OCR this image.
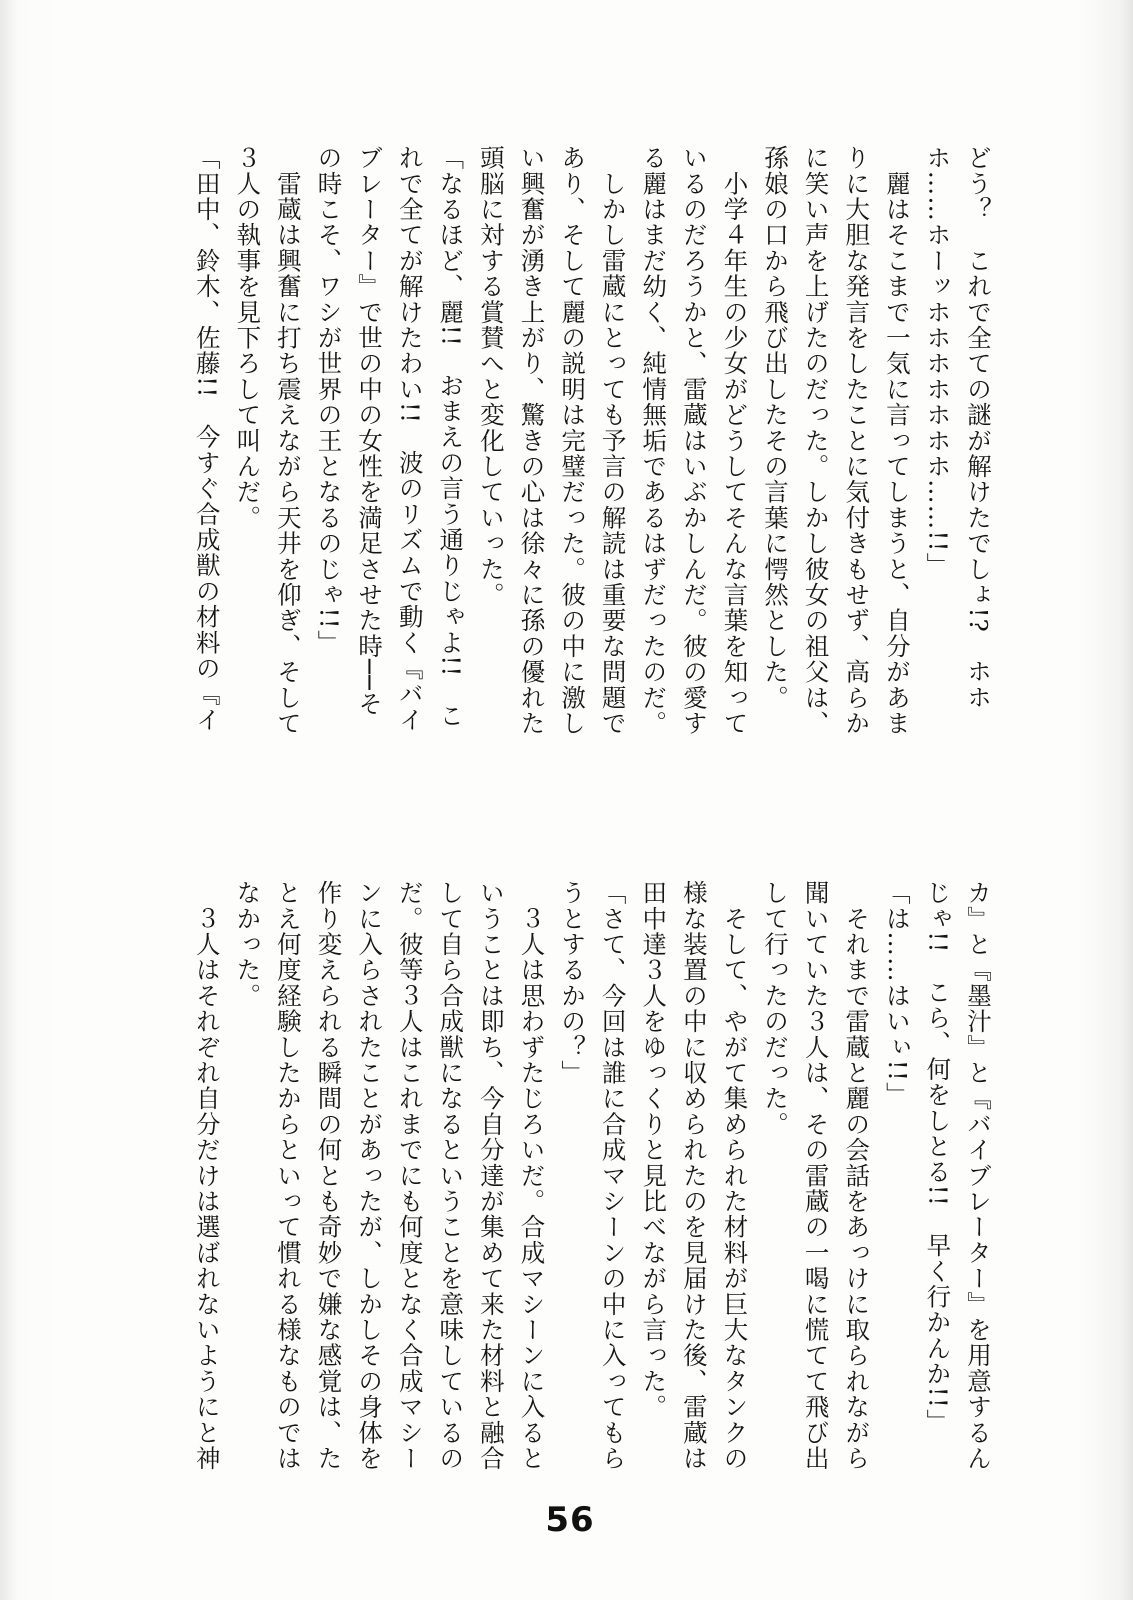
どう？　これで全ての謎が解けたでしょ!?　ホホ
ホ……ホーッホホホホホホホ……!!」
　麗はそこまで一気に言ってしまうと、自分があま
りに大胆な発言をしたことに気付きもせず、高らか
に笑い声を上げたのだった。しかし彼女の祖父は、
孫娘の口から飛び出したその言葉に愕然とした。
　小学４年生の少女がどうしてそんな言葉を知って
いるのだろうかと、雷蔵はいぶかしんだ。彼の愛す
る麗はまだ幼く、純情無垢であるはずだったのだ。
　しかし雷蔵にとっても予言の解読は重要な問題で
あり、そして麗の説明は完璧だった。彼の中に激し
い興奮が湧き上がり、驚きの心は徐々に孫の優れた
頭脳に対する賞賛へと変化していった。
「なるほど、麗!!　おまえの言う通りじゃよ!!　こ
れで全てが解けたわい!!　波のリズムで動く『バイ
ブレーター』で世の中の女性を満足させた時──そ
の時こそ、ワシが世界の王となるのじゃ!!」
　雷蔵は興奮に打ち震えながら天井を仰ぎ、そして
３人の執事を見下ろして叫んだ。
「田中、鈴木、佐藤!!　今すぐ合成獣の材料の『イ
カ』と『墨汁』と『バイブレーター』を用意するん
じゃ!!　こら、何をしとる!!　早く行かんか!!」
「は……はいぃ!!」
　それまで雷蔵と麗の会話をあっけに取られながら
聞いていた３人は、その雷蔵の一喝に慌てて飛び出
して行ったのだった。
　そして、やがて集められた材料が巨大なタンクの
様な装置の中に収められたのを見届けた後、雷蔵は
田中達３人をゆっくりと見比べながら言った。
「さて、今回は誰に合成マシーンの中に入ってもら
うとするかの？」
　３人は思わずたじろいだ。合成マシーンに入ると
いうことは即ち、今自分達が集めて来た材料と融合
して自ら合成獣になるということを意味しているの
だ。彼等３人はこれまでにも何度となく合成マシー
ンに入らされたことがあったが、しかしその身体を
作り変えられる瞬間の何とも奇妙で嫌な感覚は、た
とえ何度経験したからといって慣れる様なものでは
なかった。
　３人はそれぞれ自分だけは選ばれないようにと神
56
